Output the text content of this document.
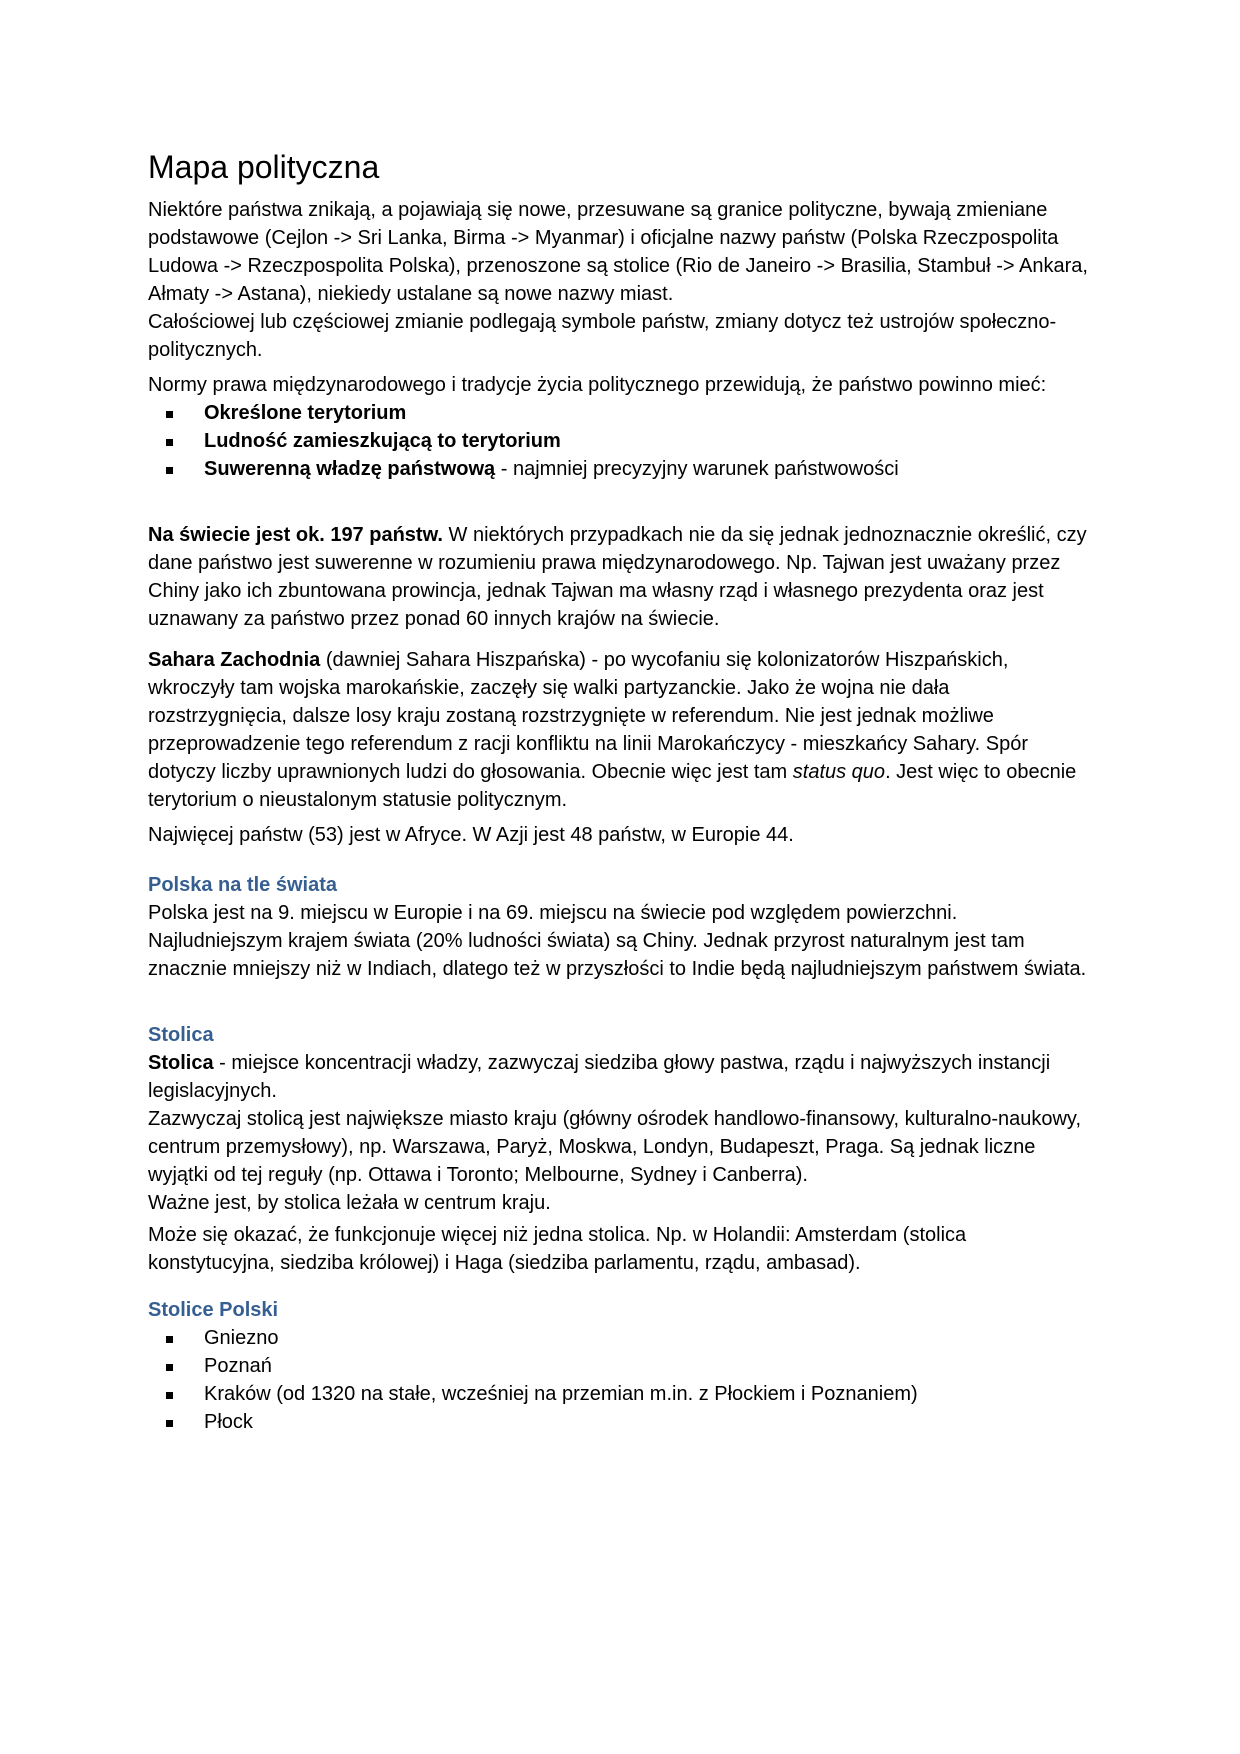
Mapa polityczna

Niektóre państwa znikają, a pojawiają się nowe, przesuwane są granice polityczne, bywają zmieniane podstawowe (Cejlon -> Sri Lanka, Birma -> Myanmar) i oficjalne nazwy państw (Polska Rzeczpospolita Ludowa -> Rzeczpospolita Polska), przenoszone są stolice (Rio de Janeiro -> Brasilia, Stambuł -> Ankara, Ałmaty -> Astana), niekiedy ustalane są nowe nazwy miast.

Całościowej lub częściowej zmianie podlegają symbole państw, zmiany dotycz też ustrojów społeczno-politycznych.

Normy prawa międzynarodowego i tradycje życia politycznego przewidują, że państwo powinno mieć:

Określone terytorium
Ludność zamieszkującą to terytorium
Suwerenną władzę państwową - najmniej precyzyjny warunek państwowości

Na świecie jest ok. 197 państw. W niektórych przypadkach nie da się jednak jednoznacznie określić, czy dane państwo jest suwerenne w rozumieniu prawa międzynarodowego. Np. Tajwan jest uważany przez Chiny jako ich zbuntowana prowincja, jednak Tajwan ma własny rząd i własnego prezydenta oraz jest uznawany za państwo przez ponad 60 innych krajów na świecie.

Sahara Zachodnia (dawniej Sahara Hiszpańska) - po wycofaniu się kolonizatorów Hiszpańskich, wkroczyły tam wojska marokańskie, zaczęły się walki partyzanckie. Jako że wojna nie dała rozstrzygnięcia, dalsze losy kraju zostaną rozstrzygnięte w referendum. Nie jest jednak możliwe przeprowadzenie tego referendum z racji konfliktu na linii Marokańczycy - mieszkańcy Sahary. Spór dotyczy liczby uprawnionych ludzi do głosowania. Obecnie więc jest tam status quo. Jest więc to obecnie terytorium o nieustalonym statusie politycznym.

Najwięcej państw (53) jest w Afryce. W Azji jest 48 państw, w Europie 44.

Polska na tle świata

Polska jest na 9. miejscu w Europie i na 69. miejscu na świecie pod względem powierzchni. Najludniejszym krajem świata (20% ludności świata) są Chiny. Jednak przyrost naturalnym jest tam znacznie mniejszy niż w Indiach, dlatego też w przyszłości to Indie będą najludniejszym państwem świata.

Stolica

Stolica - miejsce koncentracji władzy, zazwyczaj siedziba głowy pastwa, rządu i najwyższych instancji legislacyjnych.

Zazwyczaj stolicą jest największe miasto kraju (główny ośrodek handlowo-finansowy, kulturalno-naukowy, centrum przemysłowy), np. Warszawa, Paryż, Moskwa, Londyn, Budapeszt, Praga. Są jednak liczne wyjątki od tej reguły (np. Ottawa i Toronto; Melbourne, Sydney i Canberra).

Ważne jest, by stolica leżała w centrum kraju.

Może się okazać, że funkcjonuje więcej niż jedna stolica. Np. w Holandii: Amsterdam (stolica konstytucyjna, siedziba królowej) i Haga (siedziba parlamentu, rządu, ambasad).

Stolice Polski
Gniezno
Poznań
Kraków (od 1320 na stałe, wcześniej na przemian m.in. z Płockiem i Poznaniem)
Płock
